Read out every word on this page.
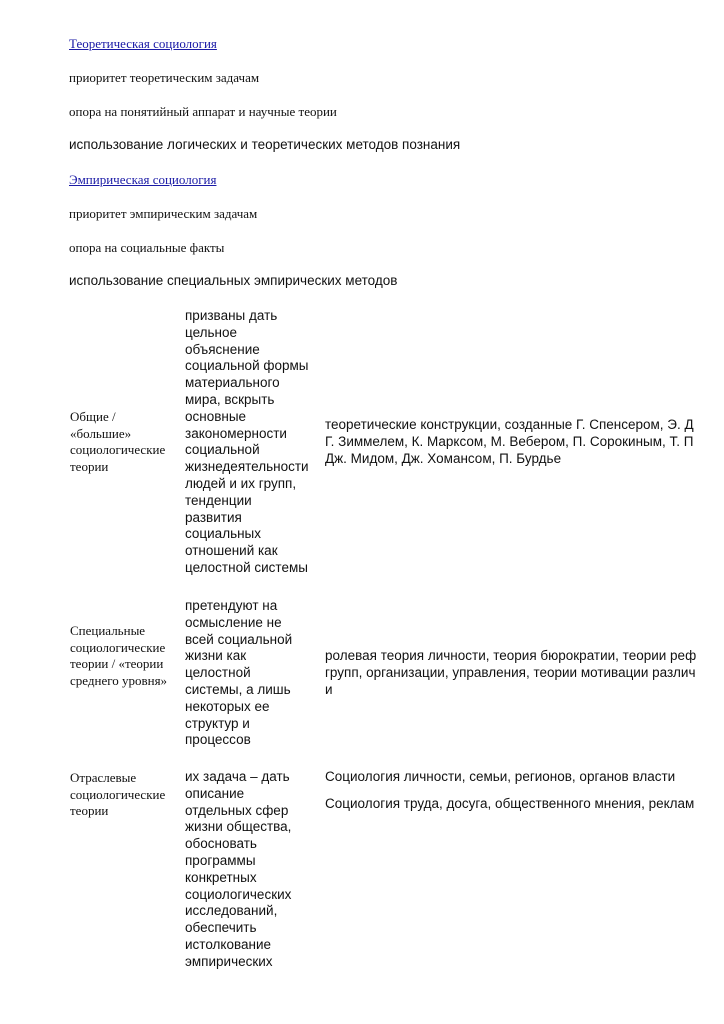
Теоретическая социология
приоритет теоретическим задачам
опора на понятийный аппарат и научные теории
использование логических и теоретических методов познания
Эмпирическая социология
приоритет эмпирическим задачам
опора на социальные факты
использование специальных эмпирических методов
Общие /
«большие»
социологические
теории
призваны дать
цельное
объяснение
социальной формы
материального
мира, вскрыть
основные
закономерности
социальной
жизнедеятельности
людей и их групп,
тенденции
развития
социальных
отношений как
целостной системы
теоретические конструкции, созданные Г. Спенсером, Э. Д
Г. Зиммелем, К. Марксом, М. Вебером, П. Сорокиным, Т. П
Дж. Мидом, Дж. Хомансом, П. Бурдье
Специальные
социологические
теории / «теории
среднего уровня»
претендуют на
осмысление не
всей социальной
жизни как
целостной
системы, а лишь
некоторых ее
структур и
процессов
ролевая теория личности, теория бюрократии, теории реф
групп, организации, управления, теории мотивации различ
и
Отраслевые
социологические
теории
их задача – дать
описание
отдельных сфер
жизни общества,
обосновать
программы
конкретных
социологических
исследований,
обеспечить
истолкование
эмпирических
Социология личности, семьи, регионов, органов власти
Социология труда, досуга, общественного мнения, реклам
